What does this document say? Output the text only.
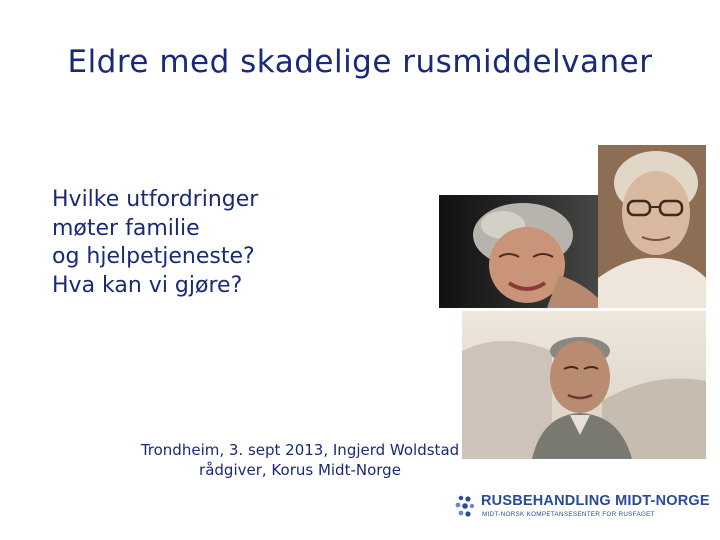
Eldre med skadelige rusmiddelvaner
Hvilke utfordringer
møter familie
og hjelpetjeneste?
Hva kan vi gjøre?
Trondheim, 3. sept 2013, Ingjerd Woldstad
rådgiver, Korus Midt-Norge
RUSBEHANDLING MIDT-NORGE
MIDT-NORSK KOMPETANSESENTER FOR RUSFAGET
